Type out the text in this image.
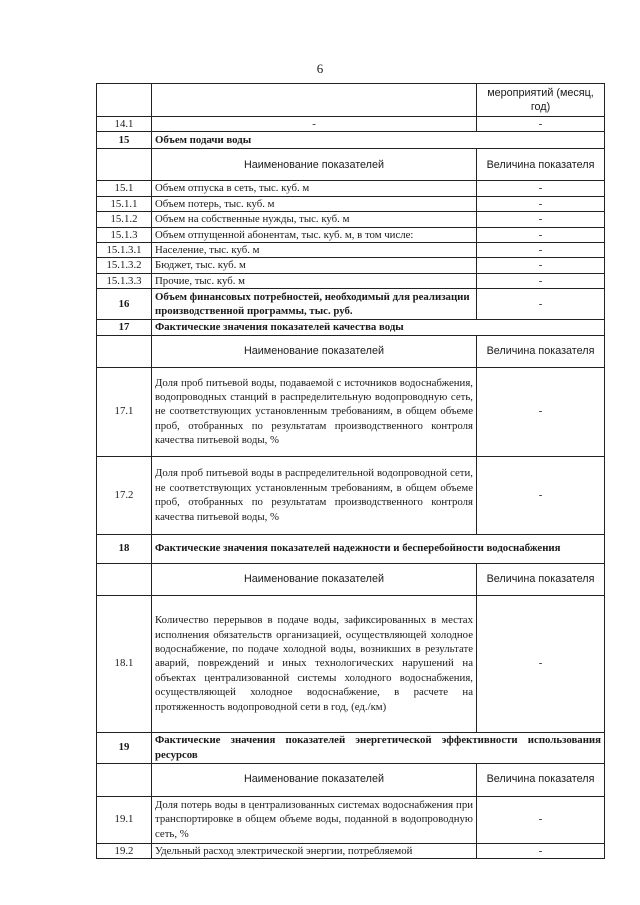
6
		мероприятий (месяц, год)
14.1	-	-
15	Объем подачи воды	
	Наименование показателей	Величина показателя
15.1	Объем отпуска в сеть, тыс. куб. м	-
15.1.1	Объем потерь, тыс. куб. м	-
15.1.2	Объем на собственные нужды, тыс. куб. м	-
15.1.3	Объем отпущенной абонентам, тыс. куб. м, в том числе:	-
15.1.3.1	Население, тыс. куб. м	-
15.1.3.2	Бюджет, тыс. куб. м	-
15.1.3.3	Прочие, тыс. куб. м	-
16	Объем финансовых потребностей, необходимый для реализации производственной программы, тыс. руб.	-
17	Фактические значения показателей качества воды	
	Наименование показателей	Величина показателя
17.1	Доля проб питьевой воды, подаваемой с источников водоснабжения, водопроводных станций в распределительную водопроводную сеть, не соответствующих установленным требованиям, в общем объеме проб, отобранных по результатам производственного контроля качества питьевой воды, %	-
17.2	Доля проб питьевой воды в распределительной водопроводной сети, не соответствующих установленным требованиям, в общем объеме проб, отобранных по результатам производственного контроля качества питьевой воды, %	-
18	Фактические значения показателей надежности и бесперебойности водоснабжения	
	Наименование показателей	Величина показателя
18.1	Количество перерывов в подаче воды, зафиксированных в местах исполнения обязательств организацией, осуществляющей холодное водоснабжение, по подаче холодной воды, возникших в результате аварий, повреждений и иных технологических нарушений на объектах централизованной системы холодного водоснабжения, осуществляющей холодное водоснабжение, в расчете на протяженность водопроводной сети в год, (ед./км)	-
19	Фактические значения показателей энергетической эффективности использования ресурсов	
	Наименование показателей	Величина показателя
19.1	Доля потерь воды в централизованных системах водоснабжения при транспортировке в общем объеме воды, поданной в водопроводную сеть, %	-
19.2	Удельный расход электрической энергии, потребляемой	-
